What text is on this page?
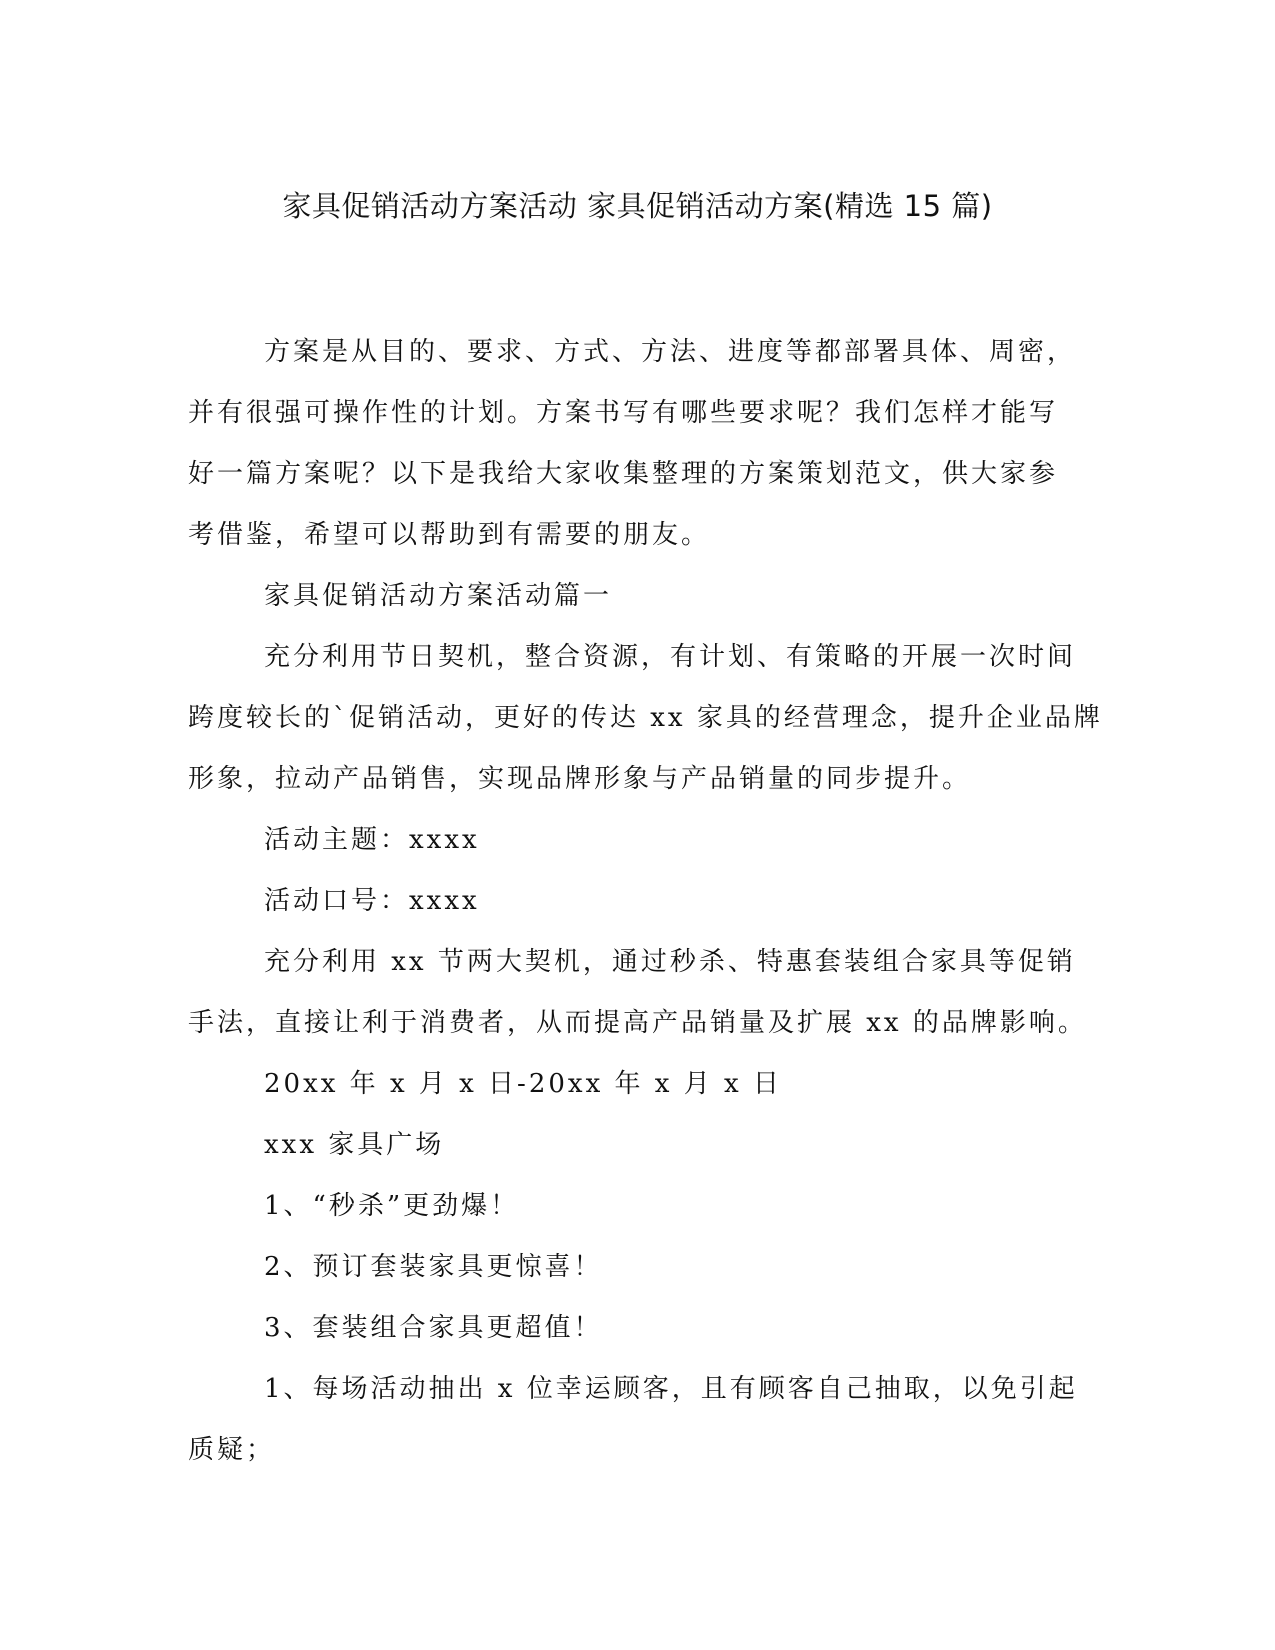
家具促销活动方案活动 家具促销活动方案(精选 15 篇)

方案是从目的、要求、方式、方法、进度等都部署具体、周密，
并有很强可操作性的计划。方案书写有哪些要求呢？我们怎样才能写
好一篇方案呢？以下是我给大家收集整理的方案策划范文，供大家参
考借鉴，希望可以帮助到有需要的朋友。

家具促销活动方案活动篇一

充分利用节日契机，整合资源，有计划、有策略的开展一次时间
跨度较长的`促销活动，更好的传达 xx 家具的经营理念，提升企业品牌
形象，拉动产品销售，实现品牌形象与产品销量的同步提升。

活动主题：xxxx

活动口号：xxxx

充分利用 xx 节两大契机，通过秒杀、特惠套装组合家具等促销
手法，直接让利于消费者，从而提高产品销量及扩展 xx 的品牌影响。

20xx 年 x 月 x 日-20xx 年 x 月 x 日

xxx 家具广场

1、“秒杀”更劲爆！

2、预订套装家具更惊喜！

3、套装组合家具更超值！

1、每场活动抽出 x 位幸运顾客，且有顾客自己抽取，以免引起
质疑；
